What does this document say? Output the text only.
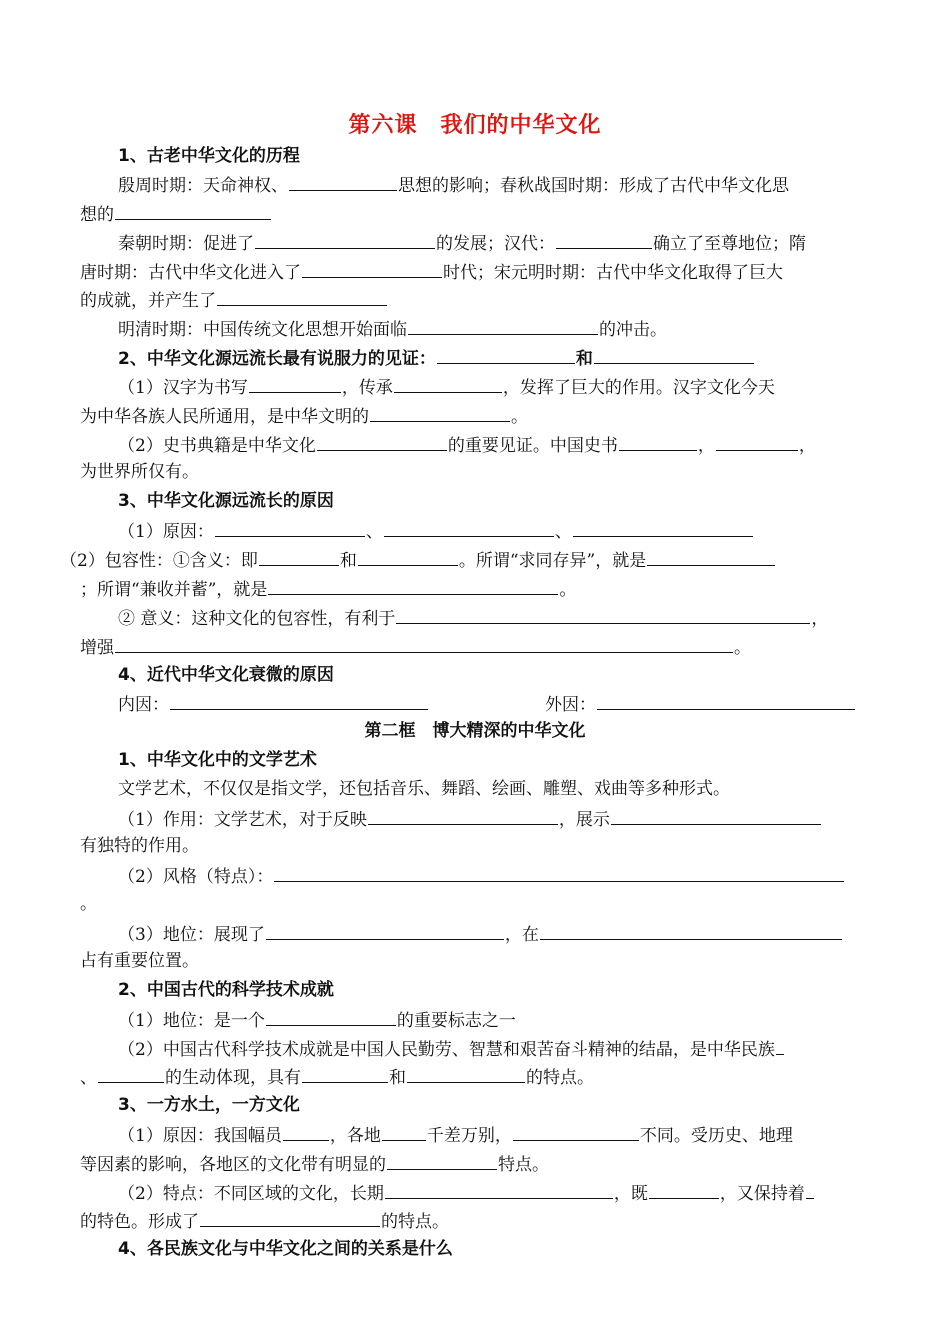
第六课　我们的中华文化
1、古老中华文化的历程
殷周时期：天命神权、	思想的影响；春秋战国时期：形成了古代中华文化思
想的
秦朝时期：促进了	的发展；汉代：	确立了至尊地位；隋
唐时期：古代中华文化进入了	时代；宋元明时期：古代中华文化取得了巨大
的成就，并产生了
明清时期：中国传统文化思想开始面临	的冲击。
2、中华文化源远流长最有说服力的见证：	和
（1）汉字为书写	，传承	，发挥了巨大的作用。汉字文化今天
为中华各族人民所通用，是中华文明的	。
（2）史书典籍是中华文化	的重要见证。中国史书	，	，
为世界所仅有。
3、中华文化源远流长的原因
（1）原因：	、	、
（2）包容性：①含义：即	和	。所谓“求同存异”，就是
；所谓“兼收并蓄”，就是	。
② 意义：这种文化的包容性，有利于	，
增强	。
4、近代中华文化衰微的原因
内因：	外因：
第二框　博大精深的中华文化
1、中华文化中的文学艺术
文学艺术，不仅仅是指文学，还包括音乐、舞蹈、绘画、雕塑、戏曲等多种形式。
（1）作用：文学艺术，对于反映	，展示
有独特的作用。
（2）风格（特点）：
。
（3）地位：展现了	，在
占有重要位置。
2、中国古代的科学技术成就
（1）地位：是一个	的重要标志之一
（2）中国古代科学技术成就是中国人民勤劳、智慧和艰苦奋斗精神的结晶，是中华民族
、	的生动体现，具有	和	的特点。
3、一方水土，一方文化
（1）原因：我国幅员	，各地	千差万别，	不同。受历史、地理
等因素的影响，各地区的文化带有明显的	特点。
（2）特点：不同区域的文化，长期	，既	，又保持着
的特色。形成了	的特点。
4、各民族文化与中华文化之间的关系是什么
